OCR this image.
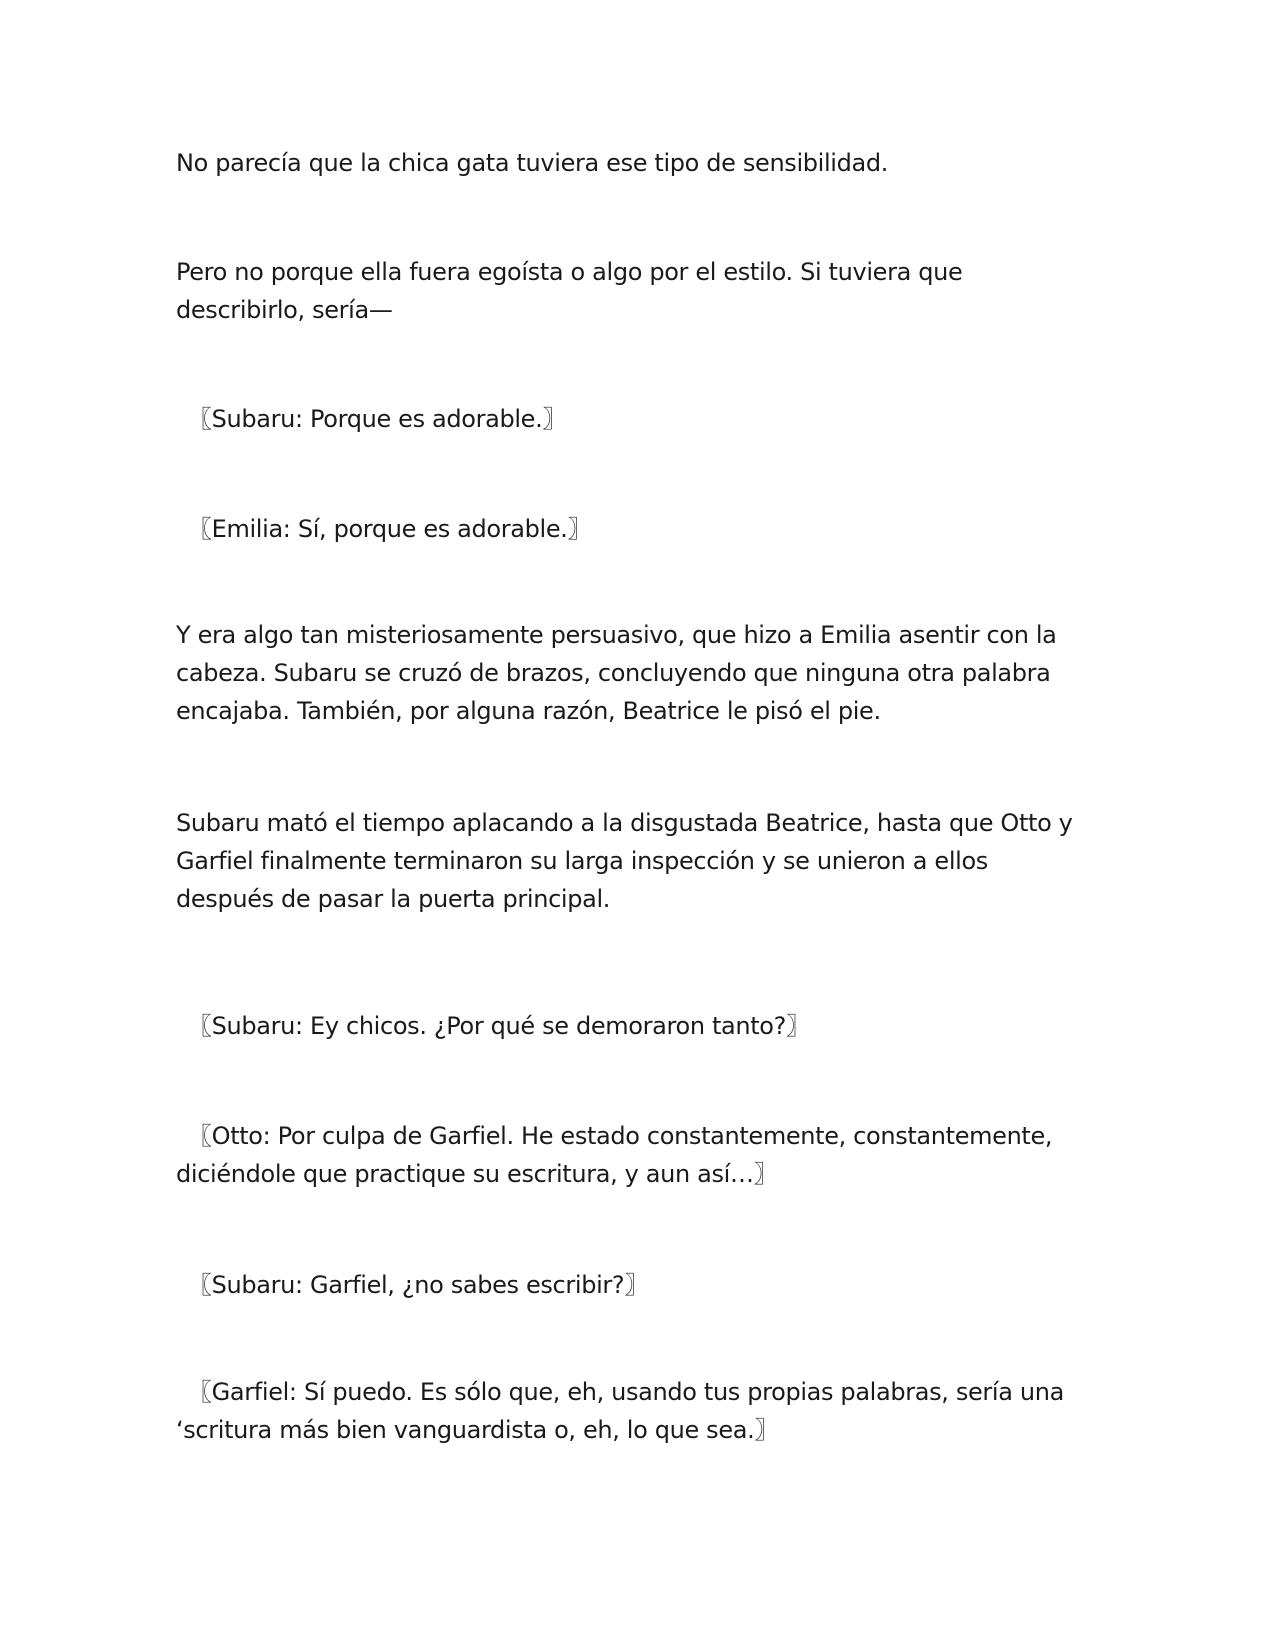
No parecía que la chica gata tuviera ese tipo de sensibilidad.

Pero no porque ella fuera egoísta o algo por el estilo. Si tuviera que describirlo, sería—

〖Subaru: Porque es adorable.〗

〖Emilia: Sí, porque es adorable.〗

Y era algo tan misteriosamente persuasivo, que hizo a Emilia asentir con la cabeza. Subaru se cruzó de brazos, concluyendo que ninguna otra palabra encajaba. También, por alguna razón, Beatrice le pisó el pie.

Subaru mató el tiempo aplacando a la disgustada Beatrice, hasta que Otto y Garfiel finalmente terminaron su larga inspección y se unieron a ellos después de pasar la puerta principal.

〖Subaru: Ey chicos. ¿Por qué se demoraron tanto?〗

〖Otto: Por culpa de Garfiel. He estado constantemente, constantemente, diciéndole que practique su escritura, y aun así…〗

〖Subaru: Garfiel, ¿no sabes escribir?〗

〖Garfiel: Sí puedo. Es sólo que, eh, usando tus propias palabras, sería una ‘scritura más bien vanguardista o, eh, lo que sea.〗
